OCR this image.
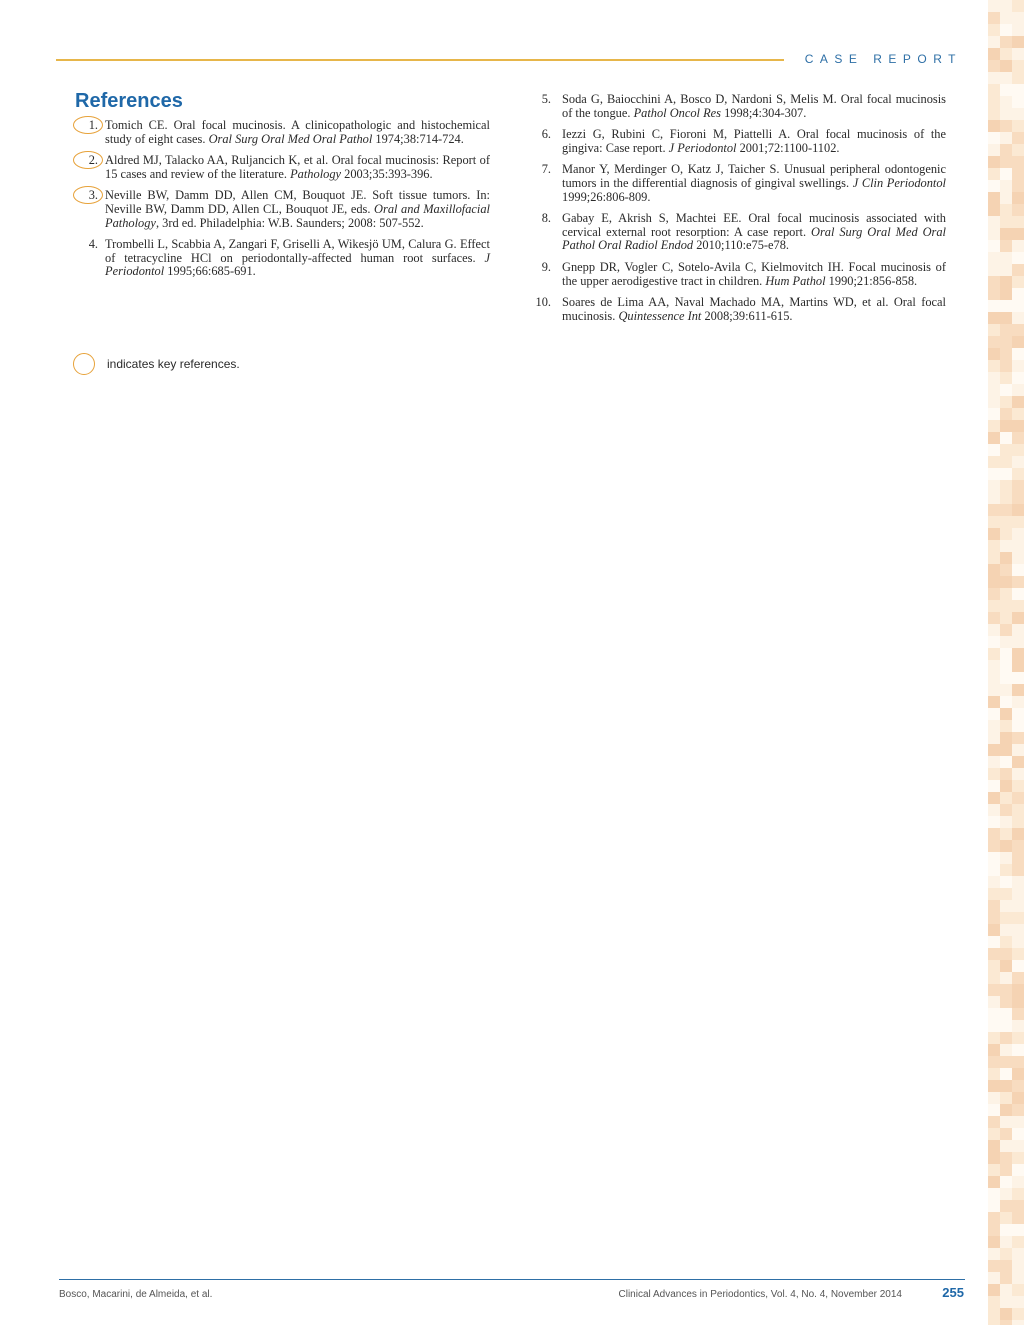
CASE REPORT
References
1. Tomich CE. Oral focal mucinosis. A clinicopathologic and histochemical study of eight cases. Oral Surg Oral Med Oral Pathol 1974;38:714-724.
2. Aldred MJ, Talacko AA, Ruljancich K, et al. Oral focal mucinosis: Report of 15 cases and review of the literature. Pathology 2003;35:393-396.
3. Neville BW, Damm DD, Allen CM, Bouquot JE. Soft tissue tumors. In: Neville BW, Damm DD, Allen CL, Bouquot JE, eds. Oral and Maxillofacial Pathology, 3rd ed. Philadelphia: W.B. Saunders; 2008: 507-552.
4. Trombelli L, Scabbia A, Zangari F, Griselli A, Wikesjö UM, Calura G. Effect of tetracycline HCl on periodontally-affected human root surfaces. J Periodontol 1995;66:685-691.
5. Soda G, Baiocchini A, Bosco D, Nardoni S, Melis M. Oral focal mucinosis of the tongue. Pathol Oncol Res 1998;4:304-307.
6. Iezzi G, Rubini C, Fioroni M, Piattelli A. Oral focal mucinosis of the gingiva: Case report. J Periodontol 2001;72:1100-1102.
7. Manor Y, Merdinger O, Katz J, Taicher S. Unusual peripheral odontogenic tumors in the differential diagnosis of gingival swellings. J Clin Periodontol 1999;26:806-809.
8. Gabay E, Akrish S, Machtei EE. Oral focal mucinosis associated with cervical external root resorption: A case report. Oral Surg Oral Med Oral Pathol Oral Radiol Endod 2010;110:e75-e78.
9. Gnepp DR, Vogler C, Sotelo-Avila C, Kielmovitch IH. Focal mucinosis of the upper aerodigestive tract in children. Hum Pathol 1990;21:856-858.
10. Soares de Lima AA, Naval Machado MA, Martins WD, et al. Oral focal mucinosis. Quintessence Int 2008;39:611-615.
indicates key references.
Bosco, Macarini, de Almeida, et al.	Clinical Advances in Periodontics, Vol. 4, No. 4, November 2014	255
